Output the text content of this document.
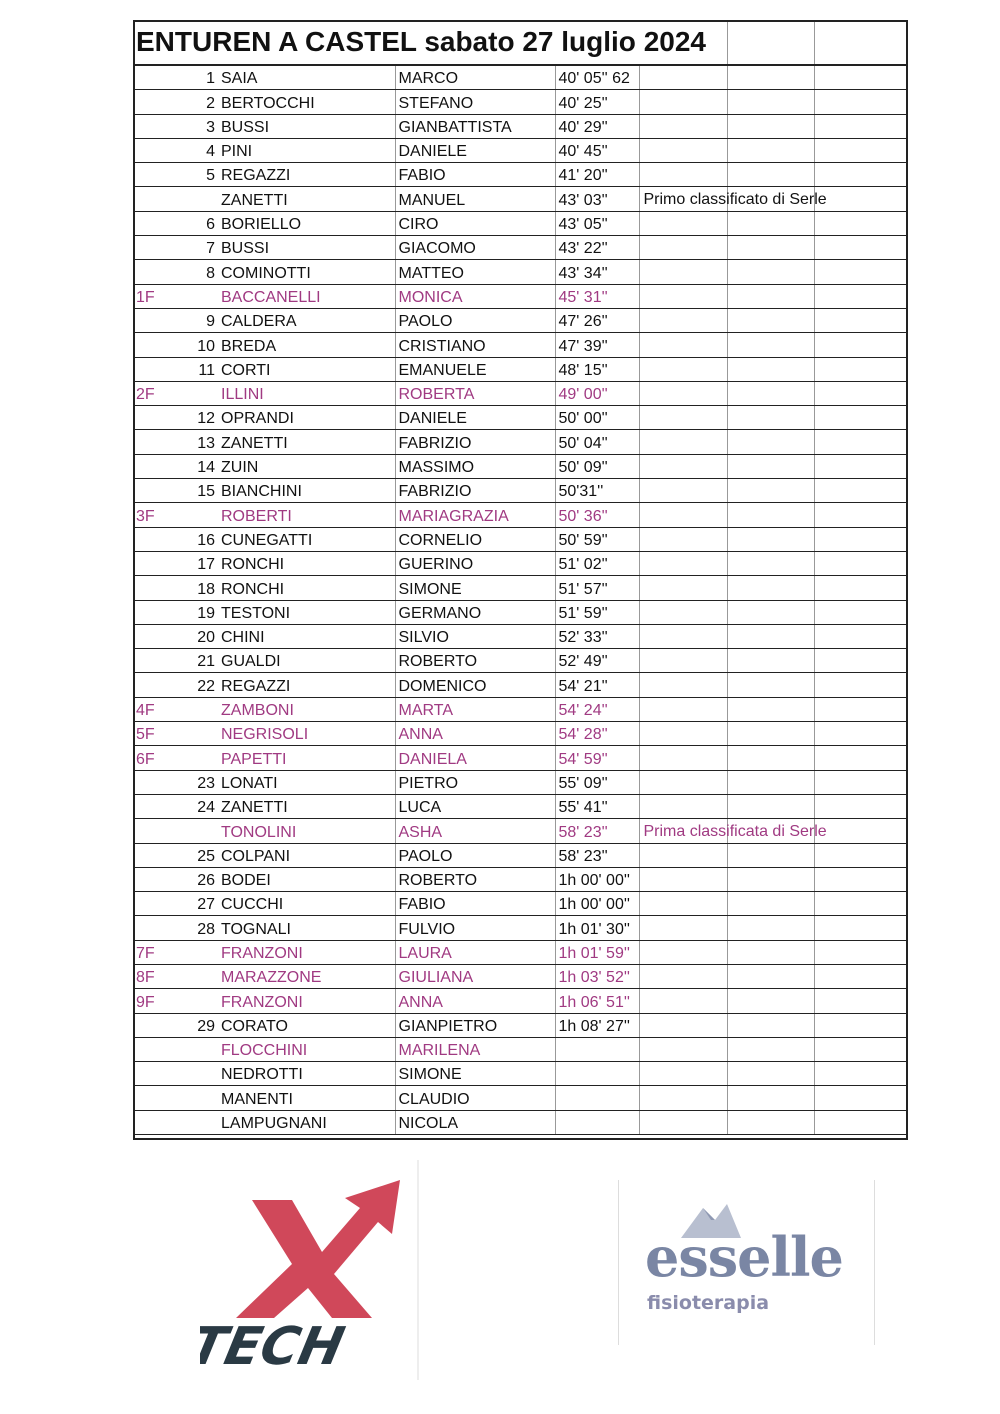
ENTUREN A CASTEL sabato 27 luglio 2024						
1	SAIA	MARCO	40' 05'' 62	

2	BERTOCCHI	STEFANO	40' 25''	

3	BUSSI	GIANBATTISTA	40' 29''	

4	PINI	DANIELE	40' 45''	

5	REGAZZI	FABIO	41' 20''	

	ZANETTI	MANUEL	43' 03''	Primo classificato di Serle		

6	BORIELLO	CIRO	43' 05''	

7	BUSSI	GIACOMO	43' 22''	

8	COMINOTTI	MATTEO	43' 34''	

1F	BACCANELLI	MONICA	45' 31''	

9	CALDERA	PAOLO	47' 26''	

10	BREDA	CRISTIANO	47' 39''	

11	CORTI	EMANUELE	48' 15''	

2F	ILLINI	ROBERTA	49' 00''	

12	OPRANDI	DANIELE	50' 00''	

13	ZANETTI	FABRIZIO	50' 04''	

14	ZUIN	MASSIMO	50' 09''	

15	BIANCHINI	FABRIZIO	50'31''	

3F	ROBERTI	MARIAGRAZIA	50' 36''	

16	CUNEGATTI	CORNELIO	50' 59''	

17	RONCHI	GUERINO	51' 02''	

18	RONCHI	SIMONE	51' 57''	

19	TESTONI	GERMANO	51' 59''	

20	CHINI	SILVIO	52' 33''	

21	GUALDI	ROBERTO	52' 49''	

22	REGAZZI	DOMENICO	54' 21''	

4F	ZAMBONI	MARTA	54' 24''	

5F	NEGRISOLI	ANNA	54' 28''	

6F	PAPETTI	DANIELA	54' 59''	

23	LONATI	PIETRO	55' 09''	

24	ZANETTI	LUCA	55' 41''	

	TONOLINI	ASHA	58' 23''	Prima classificata di Serle		

25	COLPANI	PAOLO	58' 23''	

26	BODEI	ROBERTO	1h 00' 00''	

27	CUCCHI	FABIO	1h 00' 00''	

28	TOGNALI	FULVIO	1h 01' 30''	

7F	FRANZONI	LAURA	1h 01' 59''	

8F	MARAZZONE	GIULIANA	1h 03' 52''	

9F	FRANZONI	ANNA	1h 06' 51''	

29	CORATO	GIANPIETRO	1h 08' 27''	

	FLOCCHINI	MARILENA		

	NEDROTTI	SIMONE		

	MANENTI	CLAUDIO		

	LAMPUGNANI	NICOLA		

TECH
esselle
fisioterapia
